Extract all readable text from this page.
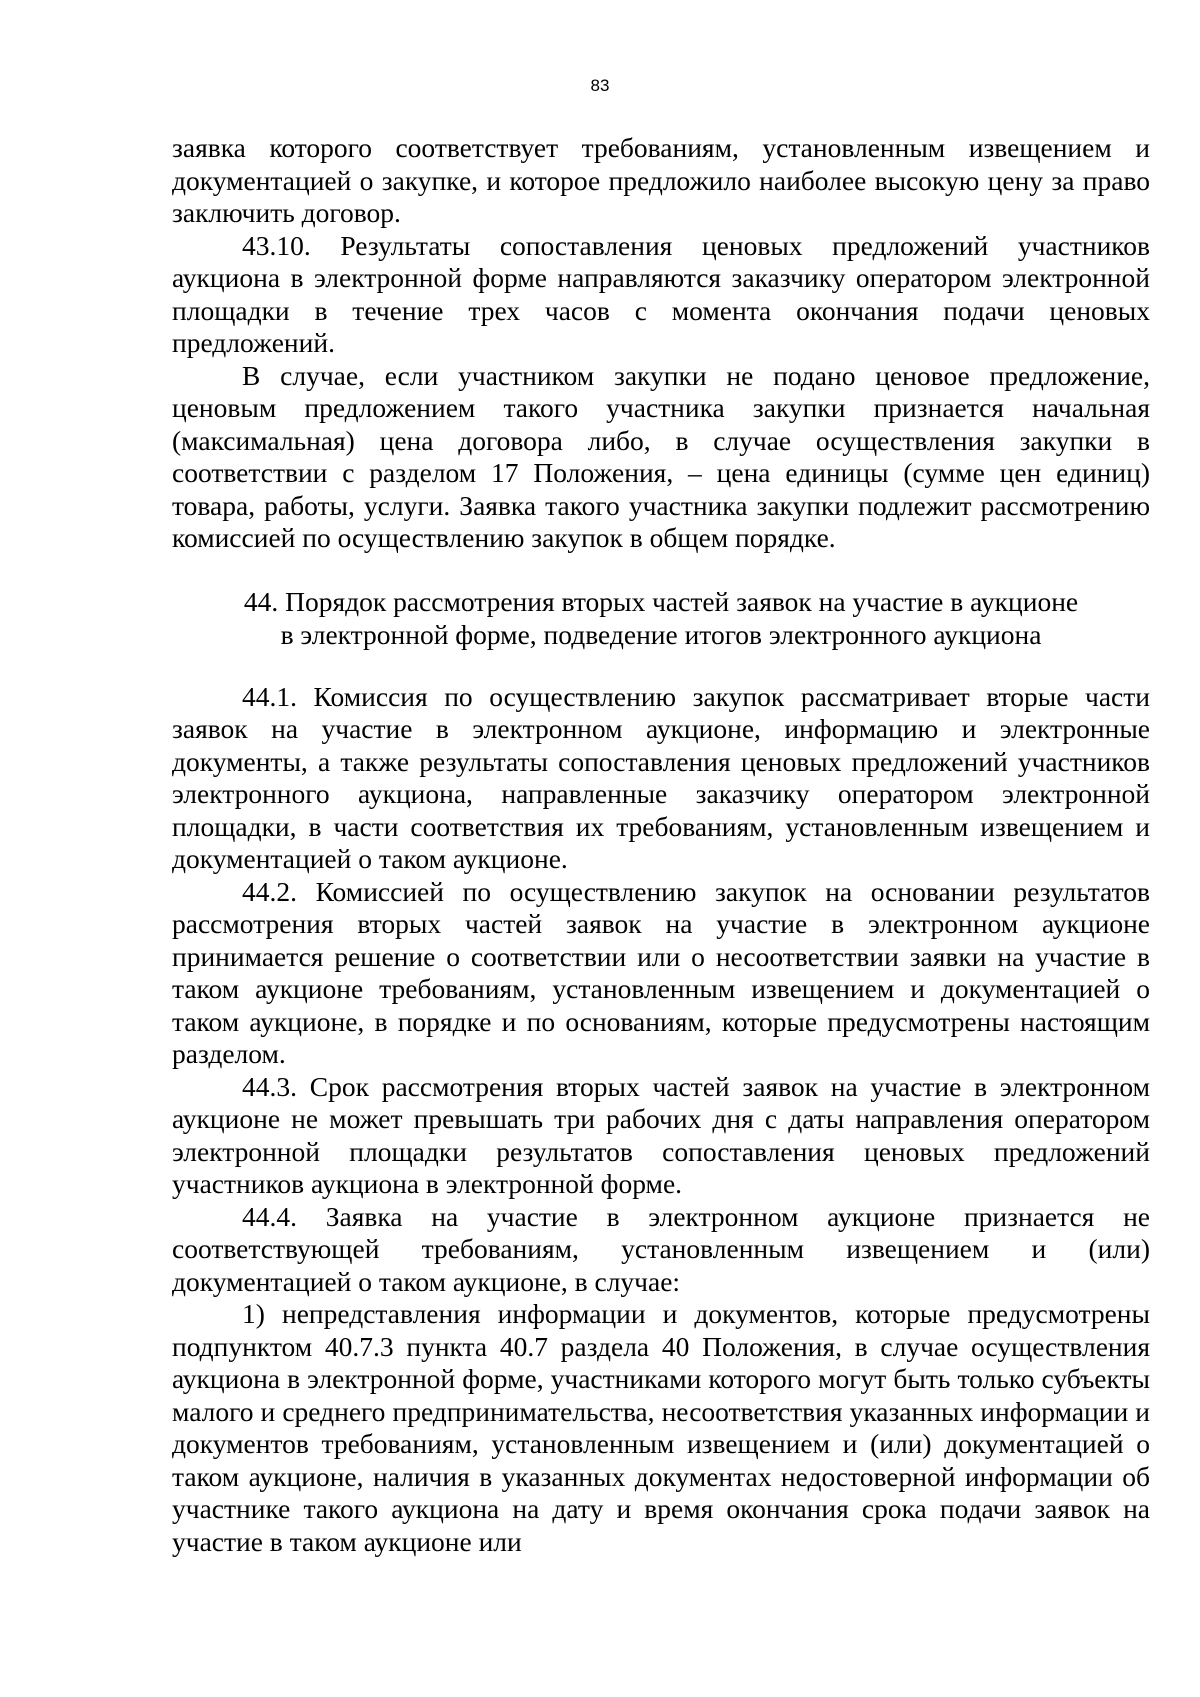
83

заявка которого соответствует требованиям, установленным извещением и документацией о закупке, и которое предложило наиболее высокую цену за право заключить договор.

43.10. Результаты сопоставления ценовых предложений участников аукциона в электронной форме направляются заказчику оператором электронной площадки в течение трех часов с момента окончания подачи ценовых предложений.

В случае, если участником закупки не подано ценовое предложение, ценовым предложением такого участника закупки признается начальная (максимальная) цена договора либо, в случае осуществления закупки в соответствии с разделом 17 Положения, – цена единицы (сумме цен единиц) товара, работы, услуги. Заявка такого участника закупки подлежит рассмотрению комиссией по осуществлению закупок в общем порядке.

44. Порядок рассмотрения вторых частей заявок на участие в аукционе
в электронной форме, подведение итогов электронного аукциона

44.1. Комиссия по осуществлению закупок рассматривает вторые части заявок на участие в электронном аукционе, информацию и электронные документы, а также результаты сопоставления ценовых предложений участников электронного аукциона, направленные заказчику оператором электронной площадки, в части соответствия их требованиям, установленным извещением и документацией о таком аукционе.

44.2. Комиссией по осуществлению закупок на основании результатов рассмотрения вторых частей заявок на участие в электронном аукционе принимается решение о соответствии или о несоответствии заявки на участие в таком аукционе требованиям, установленным извещением и документацией о таком аукционе, в порядке и по основаниям, которые предусмотрены настоящим разделом.

44.3. Срок рассмотрения вторых частей заявок на участие в электронном аукционе не может превышать три рабочих дня с даты направления оператором электронной площадки результатов сопоставления ценовых предложений участников аукциона в электронной форме.

44.4. Заявка на участие в электронном аукционе признается не соответствующей требованиям, установленным извещением и (или) документацией о таком аукционе, в случае:

1) непредставления информации и документов, которые предусмотрены подпунктом 40.7.3 пункта 40.7 раздела 40 Положения, в случае осуществления аукциона в электронной форме, участниками которого могут быть только субъекты малого и среднего предпринимательства, несоответствия указанных информации и документов требованиям, установленным извещением и (или) документацией о таком аукционе, наличия в указанных документах недостоверной информации об участнике такого аукциона на дату и время окончания срока подачи заявок на участие в таком аукционе или
